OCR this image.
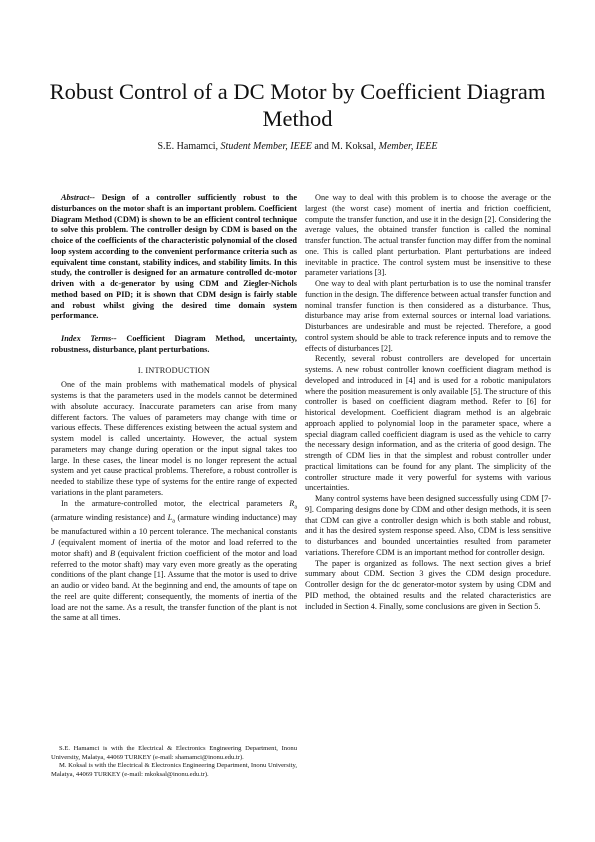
Robust Control of a DC Motor by Coefficient Diagram Method
S.E. Hamamci, Student Member, IEEE and M. Koksal, Member, IEEE

Abstract-- Design of a controller sufficiently robust to the disturbances on the motor shaft is an important problem. Coefficient Diagram Method (CDM) is shown to be an efficient control technique to solve this problem. The controller design by CDM is based on the choice of the coefficients of the characteristic polynomial of the closed loop system according to the convenient performance criteria such as equivalent time constant, stability indices, and stability limits. In this study, the controller is designed for an armature controlled dc-motor driven with a dc-generator by using CDM and Ziegler-Nichols method based on PID; it is shown that CDM design is fairly stable and robust whilst giving the desired time domain system performance.

Index Terms-- Coefficient Diagram Method, uncertainty, robustness, disturbance, plant perturbations.

I. INTRODUCTION

One of the main problems with mathematical models of physical systems is that the parameters used in the models cannot be determined with absolute accuracy. Inaccurate parameters can arise from many different factors. The values of parameters may change with time or various effects. These differences existing between the actual system and system model is called uncertainty. However, the actual system parameters may change during operation or the input signal takes too large. In these cases, the linear model is no longer represent the actual system and yet cause practical problems. Therefore, a robust controller is needed to stabilize these type of systems for the entire range of expected variations in the plant parameters.

In the armature-controlled motor, the electrical parameters $R_a$ (armature winding resistance) and $L_a$ (armature winding inductance) may be manufactured within a 10 percent tolerance. The mechanical constants J (equivalent moment of inertia of the motor and load referred to the motor shaft) and B (equivalent friction coefficient of the motor and load referred to the motor shaft) may vary even more greatly as the operating conditions of the plant change [1]. Assume that the motor is used to drive an audio or video band. At the beginning and end, the amounts of tape on the reel are quite different; consequently, the moments of inertia of the load are not the same. As a result, the transfer function of the plant is not the same at all times.

S.E. Hamamci is with the Electrical & Electronics Engineering Department, Inonu University, Malatya, 44069 TURKEY (e-mail: shamamci@inonu.edu.tr).

M. Koksal is with the Electrical & Electronics Engineering Department, Inonu University, Malatya, 44069 TURKEY (e-mail: mkoksal@inonu.edu.tr).

One way to deal with this problem is to choose the average or the largest (the worst case) moment of inertia and friction coefficient, compute the transfer function, and use it in the design [2]. Considering the average values, the obtained transfer function is called the nominal transfer function. The actual transfer function may differ from the nominal one. This is called plant perturbation. Plant perturbations are indeed inevitable in practice. The control system must be insensitive to these parameter variations [3].

One way to deal with plant perturbation is to use the nominal transfer function in the design. The difference between actual transfer function and nominal transfer function is then considered as a disturbance. Thus, disturbance may arise from external sources or internal load variations. Disturbances are undesirable and must be rejected. Therefore, a good control system should be able to track reference inputs and to remove the effects of disturbances [2].

Recently, several robust controllers are developed for uncertain systems. A new robust controller known coefficient diagram method is developed and introduced in [4] and is used for a robotic manipulators where the position measurement is only available [5]. The structure of this controller is based on coefficient diagram method. Refer to [6] for historical development. Coefficient diagram method is an algebraic approach applied to polynomial loop in the parameter space, where a special diagram called coefficient diagram is used as the vehicle to carry the necessary design information, and as the criteria of good design. The strength of CDM lies in that the simplest and robust controller under practical limitations can be found for any plant. The simplicity of the controller structure made it very powerful for systems with various uncertainties.

Many control systems have been designed successfully using CDM [7-9]. Comparing designs done by CDM and other design methods, it is seen that CDM can give a controller design which is both stable and robust, and it has the desired system response speed. Also, CDM is less sensitive to disturbances and bounded uncertainties resulted from parameter variations. Therefore CDM is an important method for controller design.

The paper is organized as follows. The next section gives a brief summary about CDM. Section 3 gives the CDM design procedure. Controller design for the dc generator-motor system by using CDM and PID method, the obtained results and the related characteristics are included in Section 4. Finally, some conclusions are given in Section 5.
